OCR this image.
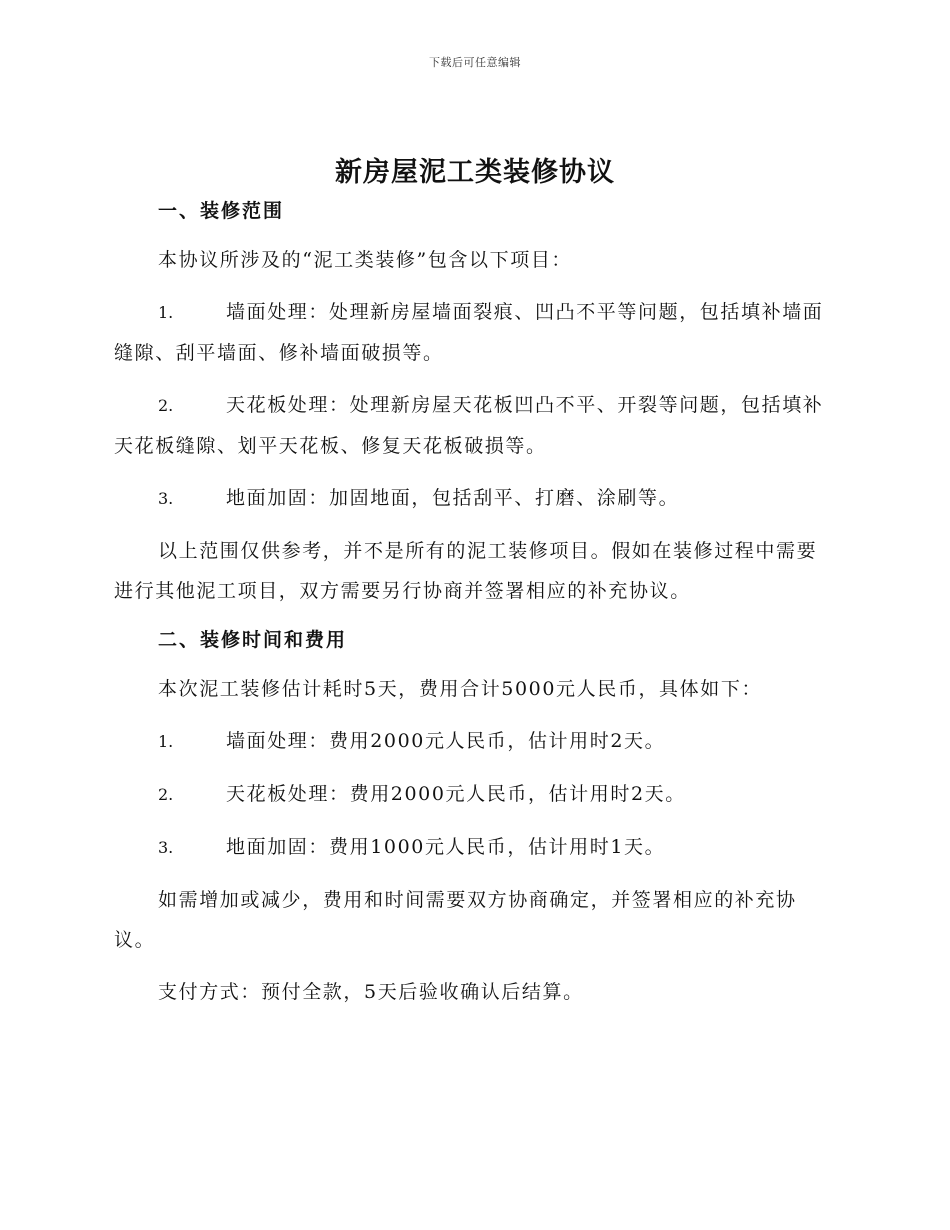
下载后可任意编辑
新房屋泥工类装修协议
一、装修范围

本协议所涉及的“泥工类装修”包含以下项目：

1.	墙面处理：处理新房屋墙面裂痕、凹凸不平等问题，包括填补墙面缝隙、刮平墙面、修补墙面破损等。

2.	天花板处理：处理新房屋天花板凹凸不平、开裂等问题，包括填补天花板缝隙、划平天花板、修复天花板破损等。

3.	地面加固：加固地面，包括刮平、打磨、涂刷等。

以上范围仅供参考，并不是所有的泥工装修项目。假如在装修过程中需要进行其他泥工项目，双方需要另行协商并签署相应的补充协议。

二、装修时间和费用

本次泥工装修估计耗时5天，费用合计5000元人民币，具体如下：

1.	墙面处理：费用2000元人民币，估计用时2天。

2.	天花板处理：费用2000元人民币，估计用时2天。

3.	地面加固：费用1000元人民币，估计用时1天。

如需增加或减少，费用和时间需要双方协商确定，并签署相应的补充协议。

支付方式：预付全款，5天后验收确认后结算。
